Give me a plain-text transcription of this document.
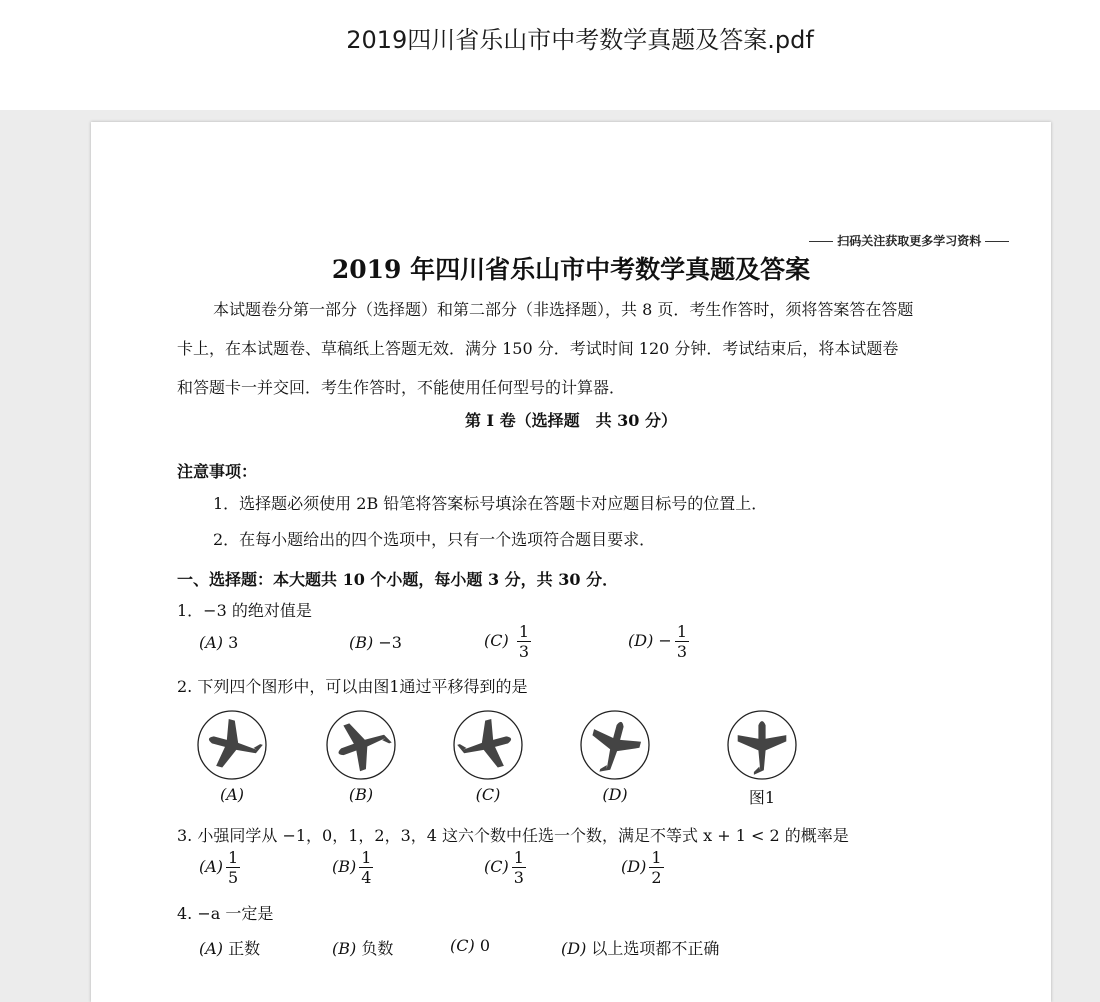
2019四川省乐山市中考数学真题及答案.pdf
扫码关注获取更多学习资料
2019 年四川省乐山市中考数学真题及答案

本试题卷分第一部分（选择题）和第二部分（非选择题），共 8 页．考生作答时，须将答案答在答题

卡上，在本试题卷、草稿纸上答题无效．满分 150 分．考试时间 120 分钟．考试结束后，将本试题卷

和答题卡一并交回．考生作答时，不能使用任何型号的计算器．

第 I 卷（选择题　共 30 分）
注意事项：
1．选择题必须使用 2B 铅笔将答案标号填涂在答题卡对应题目标号的位置上．
2．在每小题给出的四个选项中，只有一个选项符合题目要求．
一、选择题：本大题共 10 个小题，每小题 3 分，共 30 分．
1．−3 的绝对值是
(A) 3	(B) −3	$(C) \frac{1}{3}$	$(D) - \frac{1}{3}$
2. 下列四个图形中，可以由图1通过平移得到的是
(A)	(B)	(C)	(D)	图1
3. 小强同学从 −1，0，1，2，3，4 这六个数中任选一个数，满足不等式 x + 1 < 2 的概率是
$(A) \frac{1}{5}$	$(B) \frac{1}{4}$	$(C) \frac{1}{3}$	$(D) \frac{1}{2}$
4. −a 一定是
(A) 正数	(B) 负数	(C) 0	(D) 以上选项都不正确
